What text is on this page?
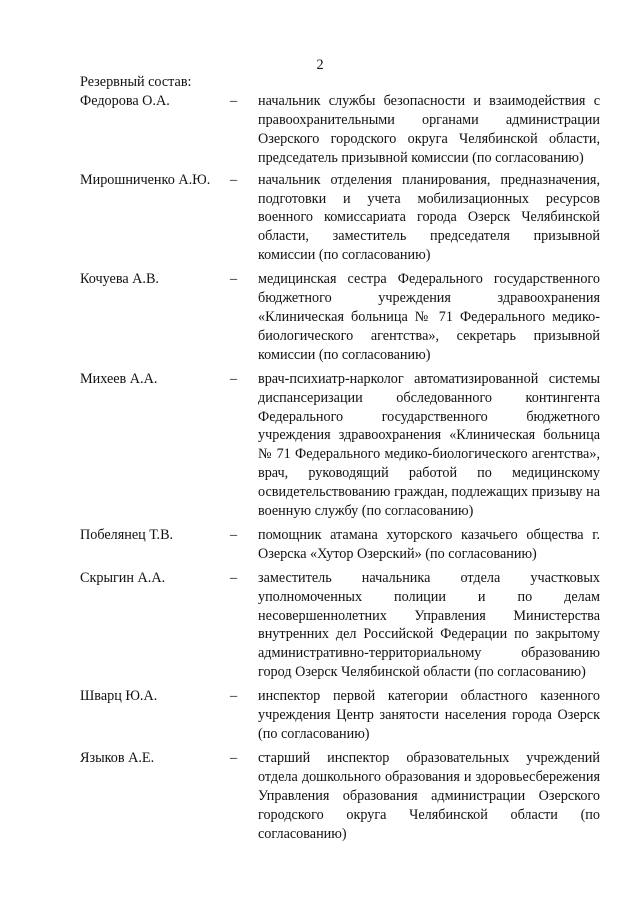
2
Резервный состав:
Федорова О.А.	–	начальник службы безопасности и взаимодействия с правоохранительными органами администрации Озерского городского округа Челябинской области, председатель призывной комиссии (по согласованию)
Мирошниченко А.Ю.	–	начальник отделения планирования, предназначения, подготовки и учета мобилизационных ресурсов военного комиссариата города Озерск Челябинской области, заместитель председателя призывной комиссии (по согласованию)
Кочуева А.В.	–	медицинская сестра Федерального государственного бюджетного учреждения здравоохранения «Клиническая больница № 71 Федерального медико-биологического агентства», секретарь призывной комиссии (по согласованию)
Михеев А.А.	–	врач-психиатр-нарколог автоматизированной системы диспансеризации обследованного контингента Федерального государственного бюджетного учреждения здравоохранения «Клиническая больница № 71 Федерального медико-биологического агентства», врач, руководящий работой по медицинскому освидетельствованию граждан, подлежащих призыву на военную службу (по согласованию)
Побелянец Т.В.	–	помощник атамана хуторского казачьего общества г. Озерска «Хутор Озерский» (по согласованию)
Скрыгин А.А.	–	заместитель начальника отдела участковых уполномоченных полиции и по делам несовершеннолетних Управления Министерства внутренних дел Российской Федерации по закрытому административно-территориальному образованию город Озерск Челябинской области (по согласованию)
Шварц Ю.А.	–	инспектор первой категории областного казенного учреждения Центр занятости населения города Озерск (по согласованию)
Языков А.Е.	–	старший инспектор образовательных учреждений отдела дошкольного образования и здоровьесбережения Управления образования администрации Озерского городского округа Челябинской области (по согласованию)
